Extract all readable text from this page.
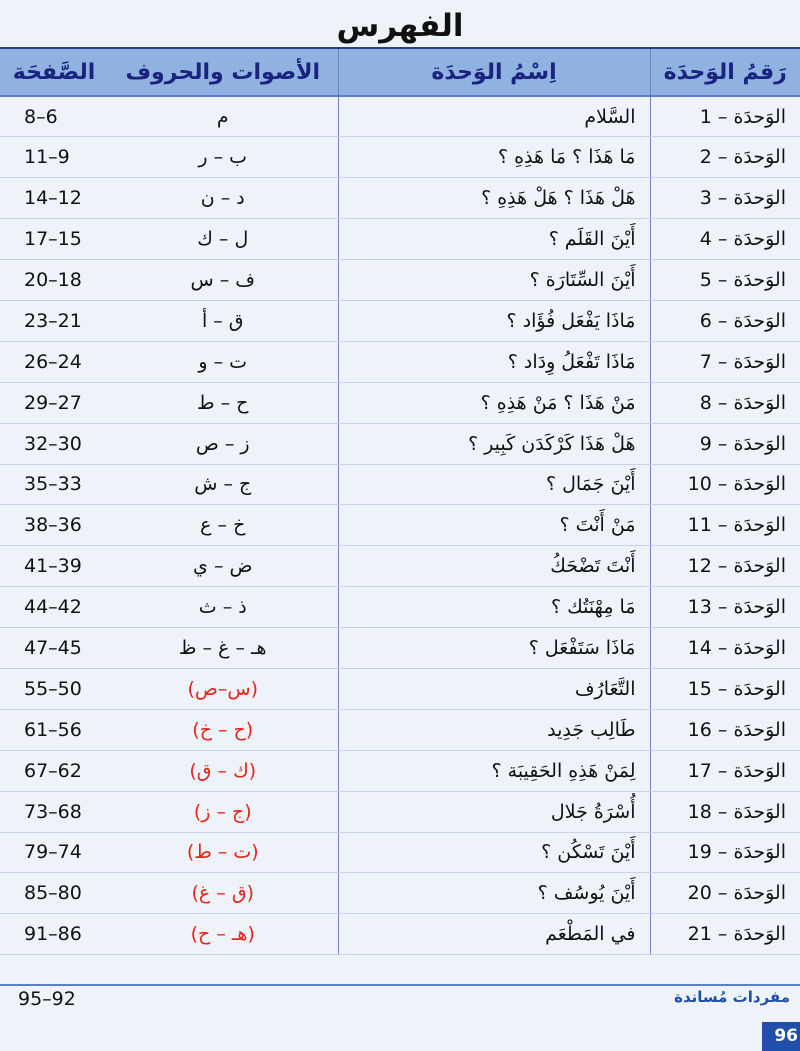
الفهرس
الصَّفحَة	الأصوات والحروف	اِسْمُ الوَحدَة	رَقمُ الوَحدَة
8–6	م	السَّلام	الوَحدَة – 1
11–9	ب – ر	مَا هَذَا ؟ مَا هَذِهِ ؟	الوَحدَة – 2
14–12	د – ن	هَلْ هَذَا ؟ هَلْ هَذِهِ ؟	الوَحدَة – 3
17–15	ل – ك	أَيْنَ القَلَم ؟	الوَحدَة – 4
20–18	ف – س	أَيْنَ السِّتَارَة ؟	الوَحدَة – 5
23–21	ق – أ	مَاذَا يَفْعَل فُؤَاد ؟	الوَحدَة – 6
26–24	ت – و	مَاذَا تَفْعَلُ وِدَاد ؟	الوَحدَة – 7
29–27	ح – ط	مَنْ هَذَا ؟ مَنْ هَذِهِ ؟	الوَحدَة – 8
32–30	ز – ص	هَلْ هَذَا كَرْكَدَن كَبِير ؟	الوَحدَة – 9
35–33	ج – ش	أَيْنَ جَمَال ؟	الوَحدَة – 10
38–36	خ – ع	مَنْ أَنْتَ ؟	الوَحدَة – 11
41–39	ض – ي	أَنْتَ تَضْحَكُ	الوَحدَة – 12
44–42	ذ – ث	مَا مِهْنَتُك ؟	الوَحدَة – 13
47–45	هـ – غ – ظ	مَاذَا سَتَفْعَل ؟	الوَحدَة – 14
55–50	(س–ص)	التَّعَارُف	الوَحدَة – 15
61–56	(ح – خ)	طَالِب جَدِيد	الوَحدَة – 16
67–62	(ك – ق)	لِمَنْ هَذِهِ الحَقِيبَة ؟	الوَحدَة – 17
73–68	(ج – ز)	أُسْرَةُ جَلال	الوَحدَة – 18
79–74	(ت – ط)	أَيْنَ تَسْكُن ؟	الوَحدَة – 19
85–80	(ق – غ)	أَيْنَ يُوسُف ؟	الوَحدَة – 20
91–86	(هـ – ح)	في المَطْعَم	الوَحدَة – 21
95–92	مفردات مُساندة
96
